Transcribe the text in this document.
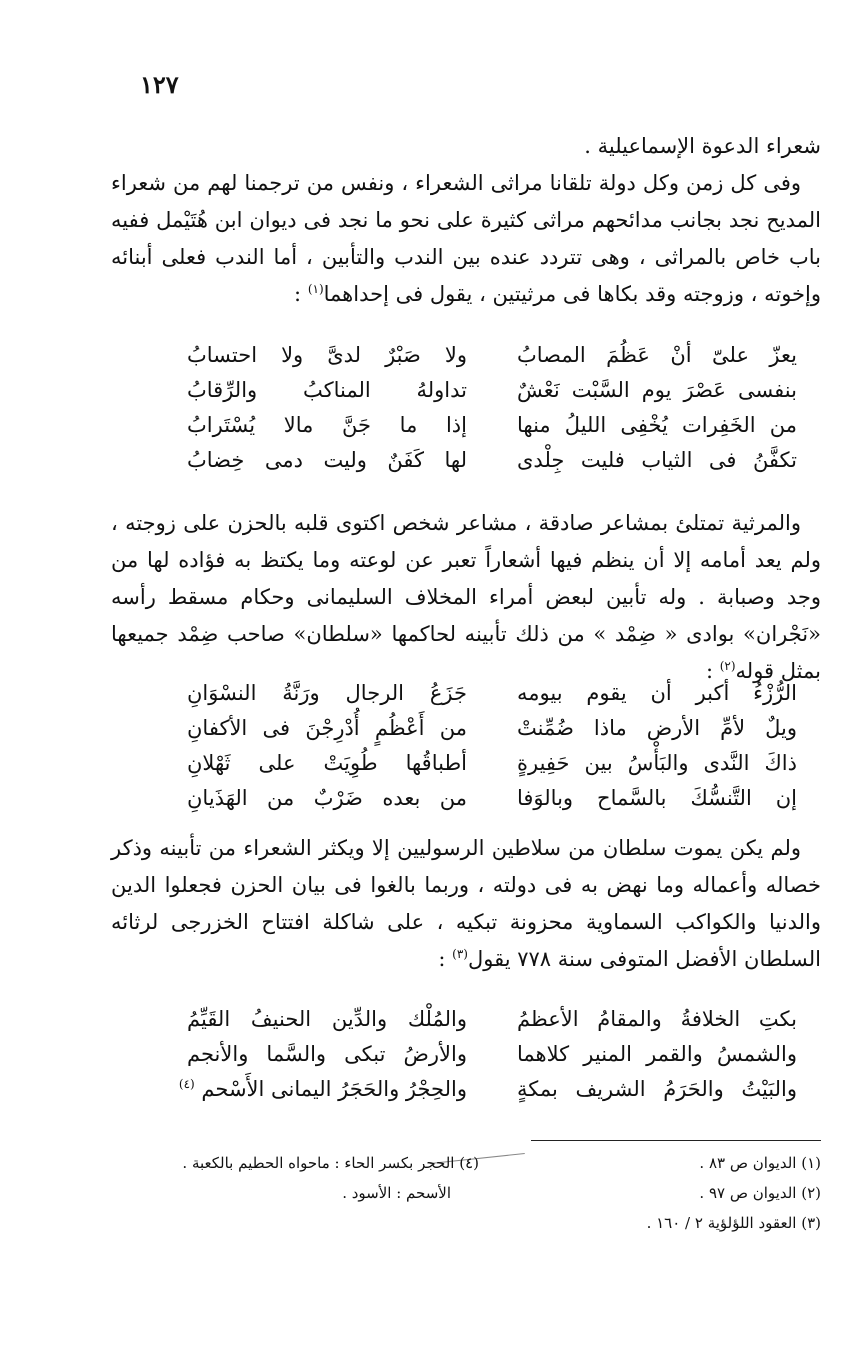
١٢٧

شعراء الدعوة الإسماعيلية .

وفى كل زمن وكل دولة تلقانا مراثى الشعراء ، ونفس من ترجمنا لهم من شعراء المديح نجد بجانب مدائحهم مراثى كثيرة على نحو ما نجد فى ديوان ابن هُتَيْمل ففيه باب خاص بالمراثى ، وهى تتردد عنده بين الندب والتأبين ، أما الندب فعلى أبنائه وإخوته ، وزوجته وقد بكاها فى مرثيتين ، يقول فى إحداهما$^{(١)}$ :

يعزّ علىّ أنْ عَظُمَ المصابُ
ولا صَبْرٌ لدىَّ ولا احتسابُ
بنفسى عَصْرَ يوم السَّبْت نَعْشٌ
تداولهُ المناكبُ والرِّقابُ
من الخَفِرات يُخْفِى الليلُ منها
إذا ما جَنَّ مالا يُسْتَرابُ
تكفَّنُ فى الثياب فليت جِلْدى
لها كَفَنٌ وليت دمى خِضابُ

والمرثية تمتلئ بمشاعر صادقة ، مشاعر شخص اكتوى قلبه بالحزن على زوجته ، ولم يعد أمامه إلا أن ينظم فيها أشعاراً تعبر عن لوعته وما يكتظ به فؤاده لها من وجد وصبابة . وله تأبين لبعض أمراء المخلاف السليمانى وحكام مسقط رأسه «نَجْران» بوادى « ضِمْد » من ذلك تأبينه لحاكمها «سلطان» صاحب ضِمْد جميعها بمثل قوله$^{(٢)}$ :

الرُّزْءُ أكبر أن يقوم بيومه
جَزَعُ الرجال ورَنَّةُ النسْوَانِ
ويلٌ لأمِّ الأرض ماذا ضُمِّنتْ
من أَعْظُمٍ أُدْرِجْنَ فى الأكفانِ
ذاكَ النَّدى والبَأْسُ بين حَفِيرةٍ
أطباقُها طُوِيَتْ على ثَهْلانِ
إن التَّنسُّكَ بالسَّماح وبالوَفا
من بعده ضَرْبٌ من الهَذَيانِ

ولم يكن يموت سلطان من سلاطين الرسوليين إلا ويكثر الشعراء من تأبينه وذكر خصاله وأعماله وما نهض به فى دولته ، وربما بالغوا فى بيان الحزن فجعلوا الدين والدنيا والكواكب السماوية محزونة تبكيه ، على شاكلة افتتاح الخزرجى لرثائه السلطان الأفضل المتوفى سنة ٧٧٨ يقول$^{(٣)}$ :

بكتِ الخلافةُ والمقامُ الأعظمُ
والمُلْك والدِّين الحنيفُ القَيِّمُ
والشمسُ والقمر المنير كلاهما
والأرضُ تبكى والسَّما والأنجم
والبَيْتُ والحَرَمُ الشريف بمكةٍ
والحِجْرُ والحَجَرُ اليمانى الأَسْحم $^{(٤)}$
(١) الديوان ص ٨٣ .
(٢) الديوان ص ٩٧ .
(٣) العقود اللؤلؤية ٢ / ١٦٠ .
(٤) الحجر بكسر الحاء : ماحواه الحطيم بالكعبة .
الأسحم : الأسود .
